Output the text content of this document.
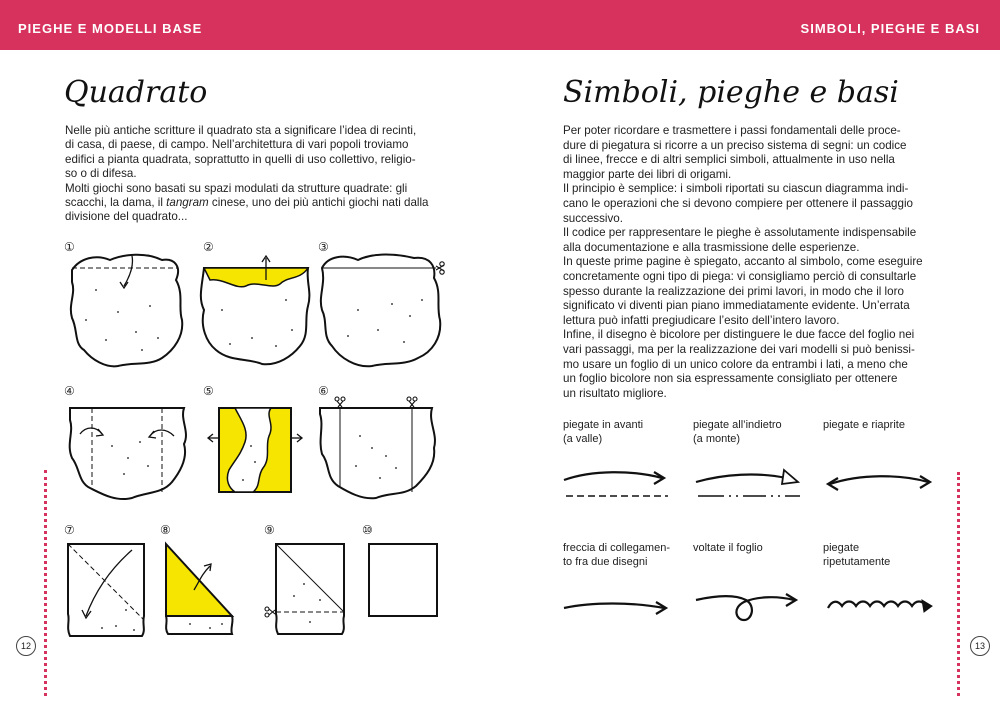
PIEGHE E MODELLI BASE	SIMBOLI, PIEGHE E BASI
Quadrato

Nelle più antiche scritture il quadrato sta a significare l’idea di recinti,

di casa, di paese, di campo. Nell’architettura di vari popoli troviamo

edifici a pianta quadrata, soprattutto in quelli di uso collettivo, religio-

so o di difesa.

Molti giochi sono basati su spazi modulati da strutture quadrate: gli

scacchi, la dama, il tangram cinese, uno dei più antichi giochi nati dalla

divisione del quadrato...

①	②	③
④	⑤	⑥
⑦	⑧	⑨	⑩
12
Simboli, pieghe e basi

Per poter ricordare e trasmettere i passi fondamentali delle proce-

dure di piegatura si ricorre a un preciso sistema di segni: un codice

di linee, frecce e di altri semplici simboli, attualmente in uso nella

maggior parte dei libri di origami.

Il principio è semplice: i simboli riportati su ciascun diagramma indi-

cano le operazioni che si devono compiere per ottenere il passaggio

successivo.

Il codice per rappresentare le pieghe è assolutamente indispensabile

alla documentazione e alla trasmissione delle esperienze.

In queste prime pagine è spiegato, accanto al simbolo, come eseguire

concretamente ogni tipo di piega: vi consigliamo perciò di consultarle

spesso durante la realizzazione dei primi lavori, in modo che il loro

significato vi diventi pian piano immediatamente evidente. Un’errata

lettura può infatti pregiudicare l’esito dell’intero lavoro.

Infine, il disegno è bicolore per distinguere le due facce del foglio nei

vari passaggi, ma per la realizzazione dei vari modelli si può benissi-

mo usare un foglio di un unico colore da entrambi i lati, a meno che

un foglio bicolore non sia espressamente consigliato per ottenere

un risultato migliore.

piegate in avanti
(a valle)
piegate all’indietro
(a monte)
piegate e riaprite
freccia di collegamen-
to fra due disegni
voltate il foglio	piegate
ripetutamente
13
